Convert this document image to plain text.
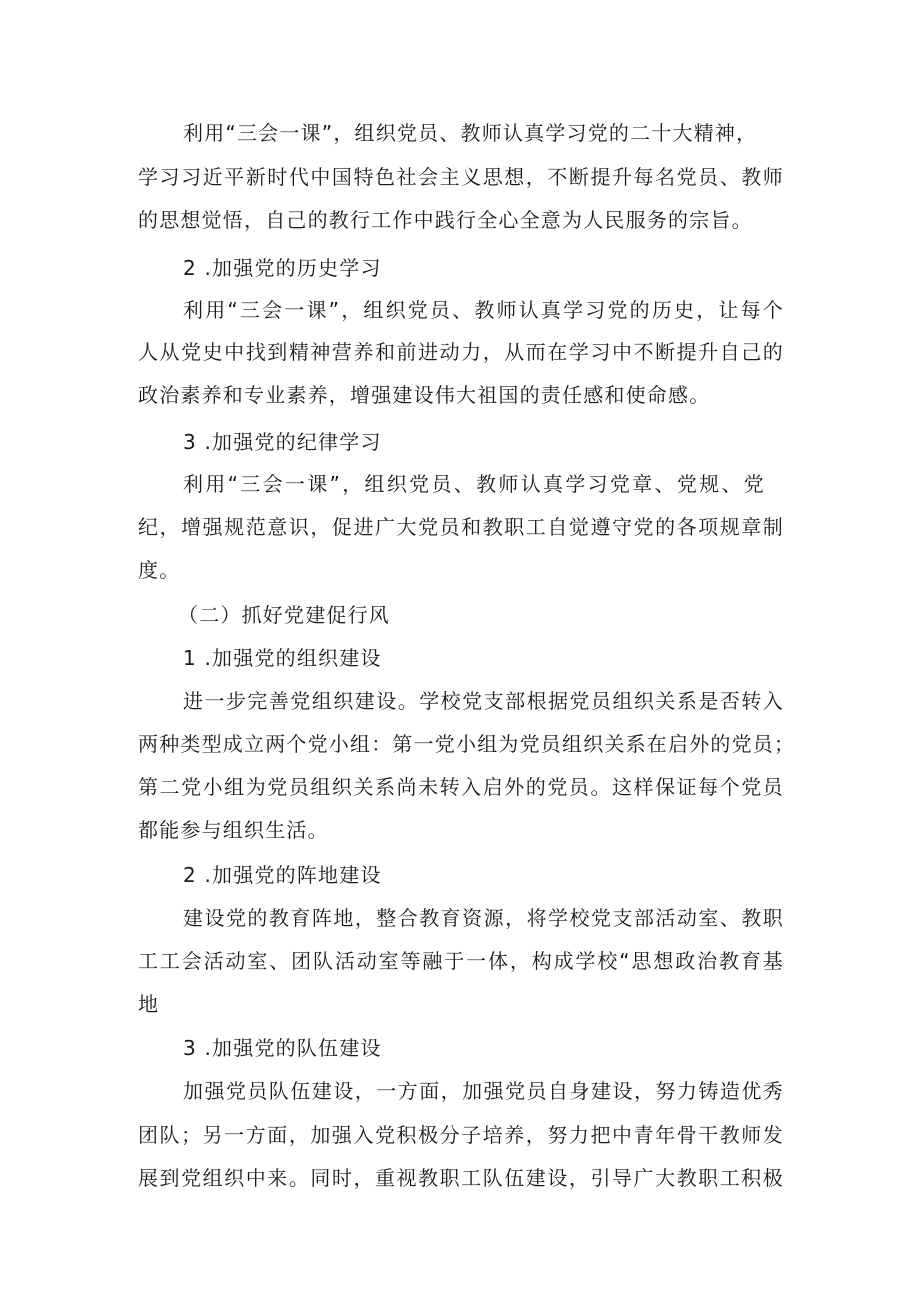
利用“三会一课”，组织党员、教师认真学习党的二十大精神，
学习习近平新时代中国特色社会主义思想，不断提升每名党员、教师
的思想觉悟，自己的教行工作中践行全心全意为人民服务的宗旨。
2 .加强党的历史学习
利用“三会一课”，组织党员、教师认真学习党的历史，让每个
人从党史中找到精神营养和前进动力，从而在学习中不断提升自己的
政治素养和专业素养，增强建设伟大祖国的责任感和使命感。
3 .加强党的纪律学习
利用“三会一课”，组织党员、教师认真学习党章、党规、党
纪，增强规范意识，促进广大党员和教职工自觉遵守党的各项规章制
度。
（二）抓好党建促行风
1 .加强党的组织建设
进一步完善党组织建设。学校党支部根据党员组织关系是否转入
两种类型成立两个党小组：第一党小组为党员组织关系在启外的党员；
第二党小组为党员组织关系尚未转入启外的党员。这样保证每个党员
都能参与组织生活。
2 .加强党的阵地建设
建设党的教育阵地，整合教育资源，将学校党支部活动室、教职
工工会活动室、团队活动室等融于一体，构成学校“思想政治教育基
地
3 .加强党的队伍建设
加强党员队伍建设，一方面，加强党员自身建设，努力铸造优秀
团队；另一方面，加强入党积极分子培养，努力把中青年骨干教师发
展到党组织中来。同时，重视教职工队伍建设，引导广大教职工积极
